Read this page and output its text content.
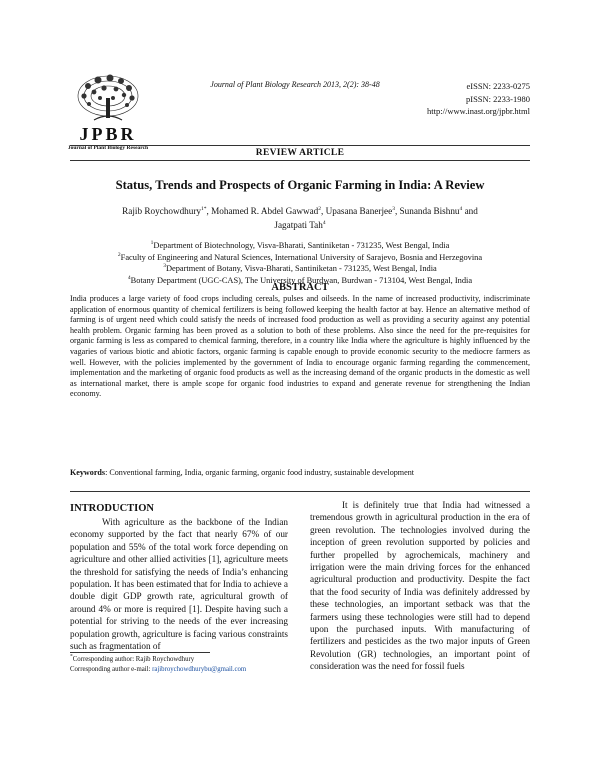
JPBR
Journal of Plant Biology Research
Journal of Plant Biology Research 2013, 2(2): 38-48	eISSN: 2233-0275
pISSN: 2233-1980
http://www.inast.org/jpbr.html
REVIEW ARTICLE
Status, Trends and Prospects of Organic Farming in India: A Review
Rajib Roychowdhury$^{1*}$, Mohamed R. Abdel Gawwad$^2$, Upasana Banerjee$^3$, Sunanda Bishnu$^4$ and
Jagatpati Tah$^4$
$^1$Department of Biotechnology, Visva-Bharati, Santiniketan - 731235, West Bengal, India
$^2$Faculty of Engineering and Natural Sciences, International University of Sarajevo, Bosnia and Herzegovina
$^3$Department of Botany, Visva-Bharati, Santiniketan - 731235, West Bengal, India
$^4$Botany Department (UGC-CAS), The University of Burdwan, Burdwan - 713104, West Bengal, India
ABSTRACT
India produces a large variety of food crops including cereals, pulses and oilseeds. In the name of increased productivity, indiscriminate application of enormous quantity of chemical fertilizers is being followed keeping the health factor at bay. Hence an alternative method of farming is of urgent need which could satisfy the needs of increased food production as well as providing a security against any potential health problem. Organic farming has been proved as a solution to both of these problems. Also since the need for the pre-requisites for organic farming is less as compared to chemical farming, therefore, in a country like India where the agriculture is highly influenced by the vagaries of various biotic and abiotic factors, organic farming is capable enough to provide economic security to the mediocre farmers as well. However, with the policies implemented by the government of India to encourage organic farming regarding the commencement, implementation and the marketing of organic food products as well as the increasing demand of the organic products in the domestic as well as international market, there is ample scope for organic food industries to expand and generate revenue for strengthening the Indian economy.
Keywords: Conventional farming, India, organic farming, organic food industry, sustainable development
INTRODUCTION
With agriculture as the backbone of the Indian economy supported by the fact that nearly 67% of our population and 55% of the total work force depending on agriculture and other allied activities [1], agriculture meets the threshold for satisfying the needs of India’s enhancing population. It has been estimated that for India to achieve a double digit GDP growth rate, agricultural growth of around 4% or more is required [1]. Despite having such a potential for striving to the needs of the ever increasing population growth, agriculture is facing various constraints such as fragmentation of
It is definitely true that India had witnessed a tremendous growth in agricultural production in the era of green revolution. The technologies involved during the inception of green revolution supported by policies and further propelled by agrochemicals, machinery and irrigation were the main driving forces for the enhanced agricultural production and productivity. Despite the fact that the food security of India was definitely addressed by these technologies, an important setback was that the farmers using these technologies were still had to depend upon the purchased inputs. With manufacturing of fertilizers and pesticides as the two major inputs of Green Revolution (GR) technologies, an important point of consideration was the need for fossil fuels
*Corresponding author: Rajib Roychowdhury
Corresponding author e-mail: rajibroychowdhurybu@gmail.com
